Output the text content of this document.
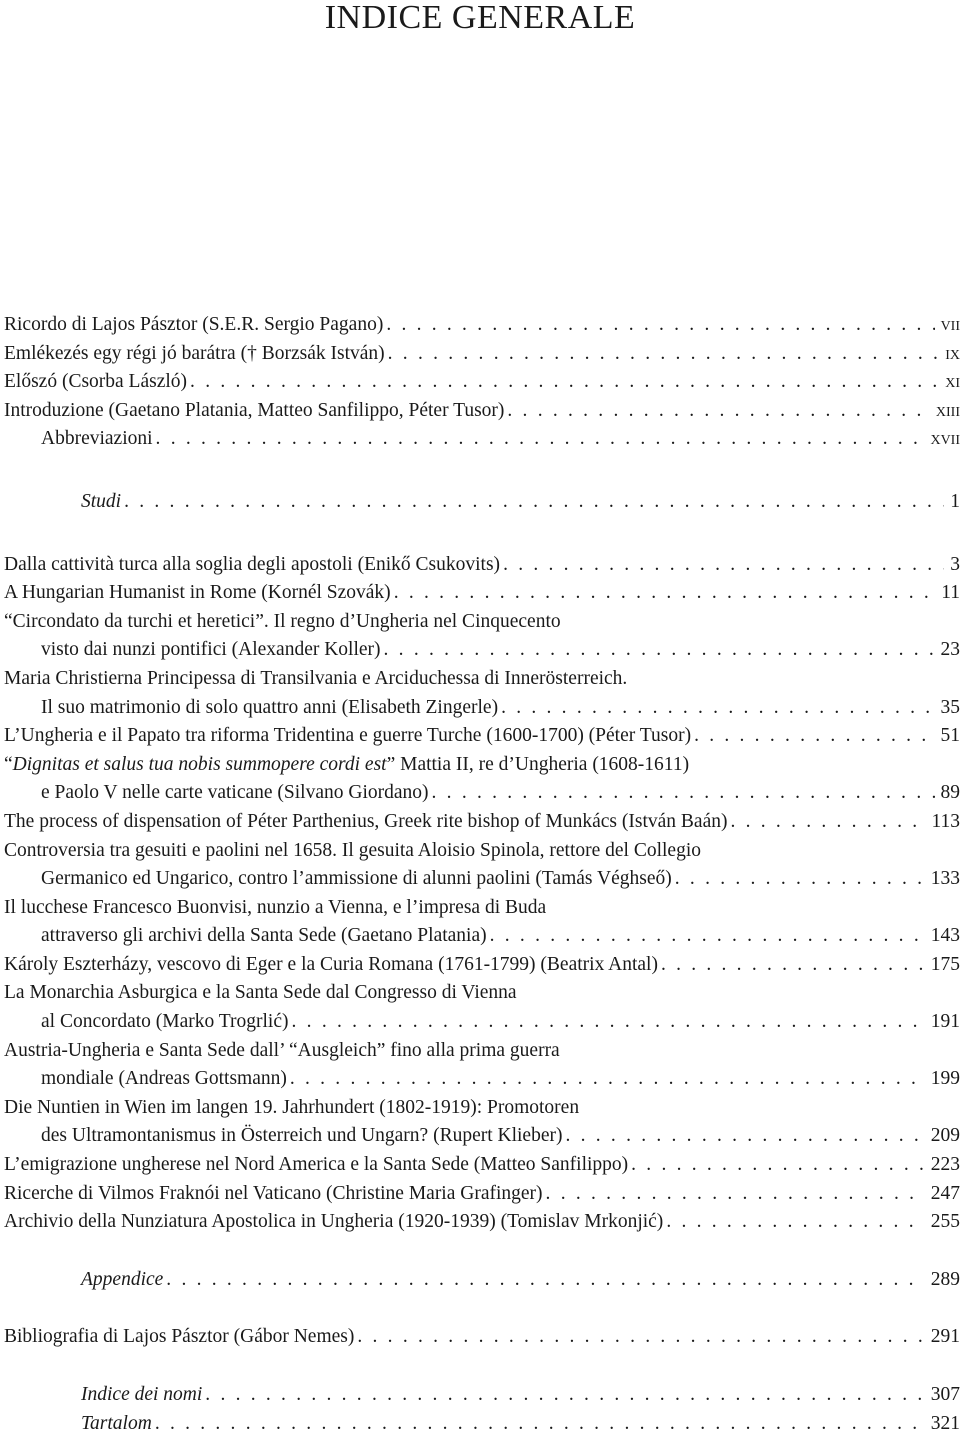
INDICE GENERALE
Ricordo di Lajos Pásztor (S.E.R. Sergio Pagano) . . .	vii
Emlékezés egy régi jó barátra († Borzsák István) . . .	ix
Előszó (Csorba László) . . .	xi
Introduzione (Gaetano Platania, Matteo Sanfilippo, Péter Tusor) . . .	xiii
Abbreviazioni . . .	xvii
Studi . . .	1
Dalla cattività turca alla soglia degli apostoli (Enikő Csukovits) . . .	3
A Hungarian Humanist in Rome (Kornél Szovák) . . .	11
“Circondato da turchi et heretici”. Il regno d’Ungheria nel Cinquecento
visto dai nunzi pontifici (Alexander Koller) . . .	23
Maria Christierna Principessa di Transilvania e Arciduchessa di Innerösterreich.
Il suo matrimonio di solo quattro anni (Elisabeth Zingerle) . . .	35
L’Ungheria e il Papato tra riforma Tridentina e guerre Turche (1600-1700) (Péter Tusor) . . .	51
“Dignitas et salus tua nobis summopere cordi est” Mattia II, re d’Ungheria (1608-1611)
e Paolo V nelle carte vaticane (Silvano Giordano) . . .	89
The process of dispensation of Péter Parthenius, Greek rite bishop of Munkács (István Baán) . . .	113
Controversia tra gesuiti e paolini nel 1658. Il gesuita Aloisio Spinola, rettore del Collegio
Germanico ed Ungarico, contro l’ammissione di alunni paolini (Tamás Véghseő) . . .	133
Il lucchese Francesco Buonvisi, nunzio a Vienna, e l’impresa di Buda
attraverso gli archivi della Santa Sede (Gaetano Platania) . . .	143
Károly Eszterházy, vescovo di Eger e la Curia Romana (1761-1799) (Beatrix Antal) . . .	175
La Monarchia Asburgica e la Santa Sede dal Congresso di Vienna
al Concordato (Marko Trogrlić) . . .	191
Austria-Ungheria e Santa Sede dall’ “Ausgleich” fino alla prima guerra
mondiale (Andreas Gottsmann) . . .	199
Die Nuntien in Wien im langen 19. Jahrhundert (1802-1919): Promotoren
des Ultramontanismus in Österreich und Ungarn? (Rupert Klieber) . . .	209
L’emigrazione ungherese nel Nord America e la Santa Sede (Matteo Sanfilippo) . . .	223
Ricerche di Vilmos Fraknói nel Vaticano (Christine Maria Grafinger) . . .	247
Archivio della Nunziatura Apostolica in Ungheria (1920-1939) (Tomislav Mrkonjić) . . .	255
Appendice . . .	289
Bibliografia di Lajos Pásztor (Gábor Nemes) . . .	291
Indice dei nomi . . .	307
Tartalom . . .	321
